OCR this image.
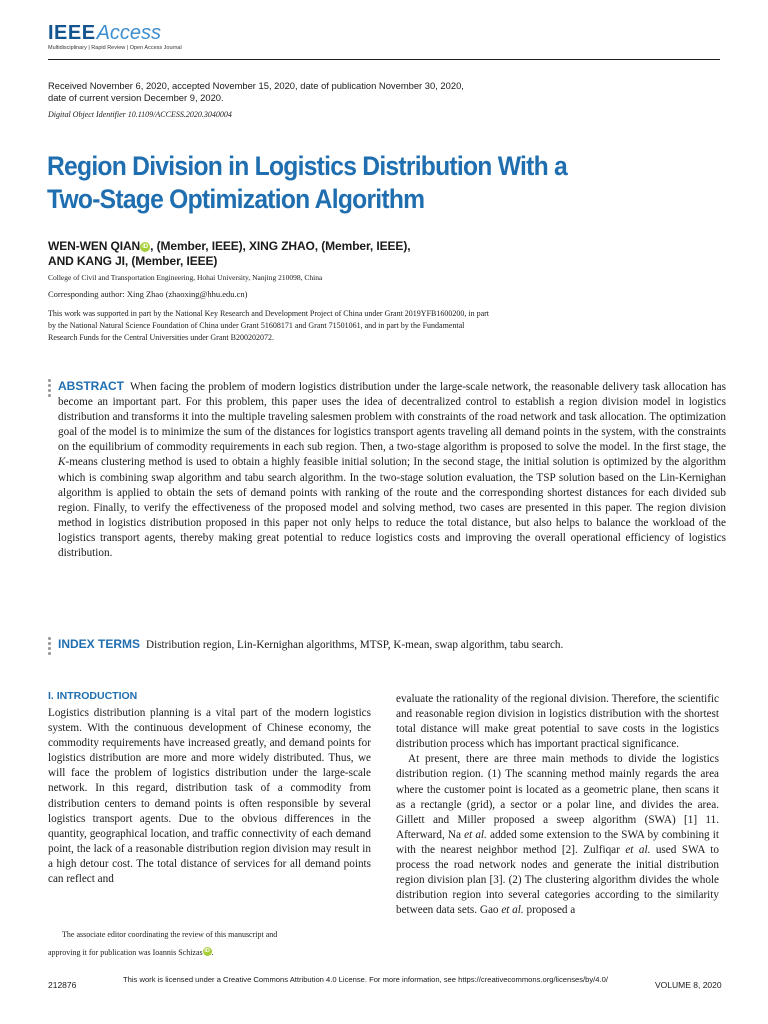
IEEEAccess
Multidisciplinary | Rapid Review | Open Access Journal
Received November 6, 2020, accepted November 15, 2020, date of publication November 30, 2020,
date of current version December 9, 2020.
Digital Object Identifier 10.1109/ACCESS.2020.3040004
Region Division in Logistics Distribution With a
Two-Stage Optimization Algorithm
WEN-WEN QIAN iD , (Member, IEEE), XING ZHAO, (Member, IEEE),
AND KANG JI, (Member, IEEE)
College of Civil and Transportation Engineering, Hohai University, Nanjing 210098, China
Corresponding author: Xing Zhao (zhaoxing@hhu.edu.cn)
This work was supported in part by the National Key Research and Development Project of China under Grant 2019YFB1600200, in part
by the National Natural Science Foundation of China under Grant 51608171 and Grant 71501061, and in part by the Fundamental
Research Funds for the Central Universities under Grant B200202072.
ABSTRACT When facing the problem of modern logistics distribution under the large-scale network, the reasonable delivery task allocation has become an important part. For this problem, this paper uses the idea of decentralized control to establish a region division model in logistics distribution and transforms it into the multiple traveling salesmen problem with constraints of the road network and task allocation. The optimization goal of the model is to minimize the sum of the distances for logistics transport agents traveling all demand points in the system, with the constraints on the equilibrium of commodity requirements in each sub region. Then, a two-stage algorithm is proposed to solve the model. In the first stage, the K-means clustering method is used to obtain a highly feasible initial solution; In the second stage, the initial solution is optimized by the algorithm which is combining swap algorithm and tabu search algorithm. In the two-stage solution evaluation, the TSP solution based on the Lin-Kernighan algorithm is applied to obtain the sets of demand points with ranking of the route and the corresponding shortest distances for each divided sub region. Finally, to verify the effectiveness of the proposed model and solving method, two cases are presented in this paper. The region division method in logistics distribution proposed in this paper not only helps to reduce the total distance, but also helps to balance the workload of the logistics transport agents, thereby making great potential to reduce logistics costs and improving the overall operational efficiency of logistics distribution.
INDEX TERMS Distribution region, Lin-Kernighan algorithms, MTSP, K-mean, swap algorithm, tabu search.
I. INTRODUCTION

Logistics distribution planning is a vital part of the modern logistics system. With the continuous development of Chinese economy, the commodity requirements have increased greatly, and demand points for logistics distribution are more and more widely distributed. Thus, we will face the problem of logistics distribution under the large-scale network. In this regard, distribution task of a commodity from distribution centers to demand points is often responsible by several logistics transport agents. Due to the obvious differences in the quantity, geographical location, and traffic connectivity of each demand point, the lack of a reasonable distribution region division may result in a high detour cost. The total distance of services for all demand points can reflect and

evaluate the rationality of the regional division. Therefore, the scientific and reasonable region division in logistics distribution with the shortest total distance will make great potential to save costs in the logistics distribution process which has important practical significance.

At present, there are three main methods to divide the logistics distribution region. (1) The scanning method mainly regards the area where the customer point is located as a geometric plane, then scans it as a rectangle (grid), a sector or a polar line, and divides the area. Gillett and Miller proposed a sweep algorithm (SWA) [1] 11. Afterward, Na et al. added some extension to the SWA by combining it with the nearest neighbor method [2]. Zulfiqar et al. used SWA to process the road network nodes and generate the initial distribution region division plan [3]. (2) The clustering algorithm divides the whole distribution region into several categories according to the similarity between data sets. Gao et al. proposed a

The associate editor coordinating the review of this manuscript and
approving it for publication was Ioannis Schizas iD .
212876
This work is licensed under a Creative Commons Attribution 4.0 License. For more information, see https://creativecommons.org/licenses/by/4.0/
VOLUME 8, 2020
